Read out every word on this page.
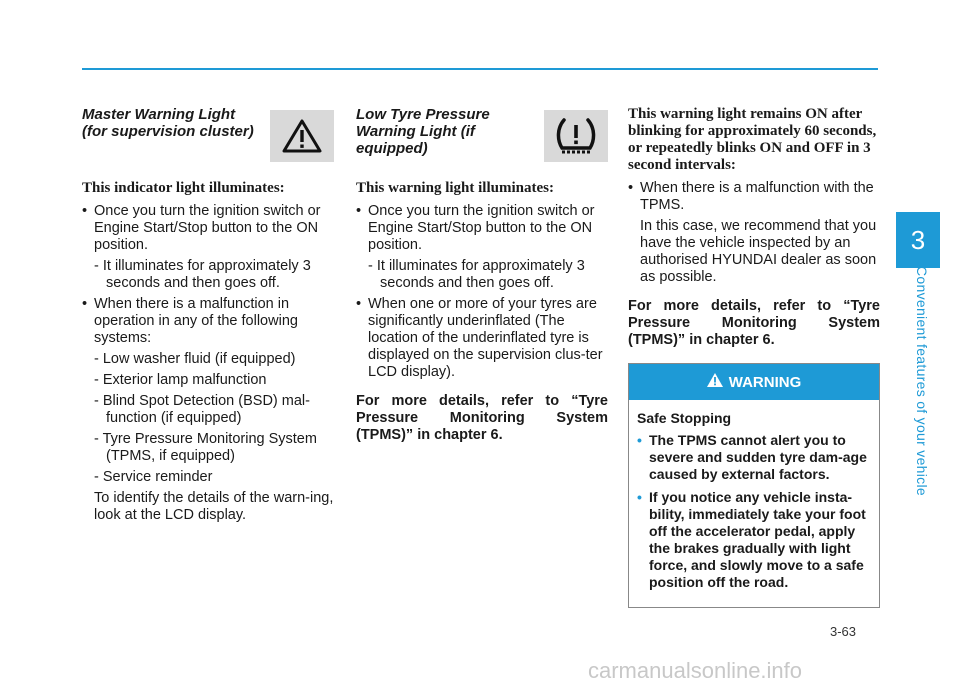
3
Convenient features of your vehicle
Master Warning Light (for supervision cluster)
This indicator light illuminates:

• Once you turn the ignition switch or Engine Start/Stop button to the ON position.

- It illuminates for approximately 3 seconds and then goes off.

• When there is a malfunction in operation in any of the following systems:

- Low washer fluid (if equipped)

- Exterior lamp malfunction

- Blind Spot Detection (BSD) mal-function (if equipped)

- Tyre Pressure Monitoring System (TPMS, if equipped)

- Service reminder

To identify the details of the warn-ing, look at the LCD display.

Low Tyre Pressure Warning Light (if equipped)
This warning light illuminates:

• Once you turn the ignition switch or Engine Start/Stop button to the ON position.

- It illuminates for approximately 3 seconds and then goes off.

• When one or more of your tyres are significantly underinflated (The location of the underinflated tyre is displayed on the supervision clus-ter LCD display).

For more details, refer to “Tyre Pressure Monitoring System (TPMS)” in chapter 6.

This warning light remains ON after blinking for approximately 60 seconds, or repeatedly blinks ON and OFF in 3 second intervals:

• When there is a malfunction with the TPMS.

In this case, we recommend that you have the vehicle inspected by an authorised HYUNDAI dealer as soon as possible.

For more details, refer to “Tyre Pressure Monitoring System (TPMS)” in chapter 6.

WARNING
Safe Stopping
• The TPMS cannot alert you to severe and sudden tyre dam-age caused by external factors.
• If you notice any vehicle insta-bility, immediately take your foot off the accelerator pedal, apply the brakes gradually with light force, and slowly move to a safe position off the road.
3-63
carmanualsonline.info
